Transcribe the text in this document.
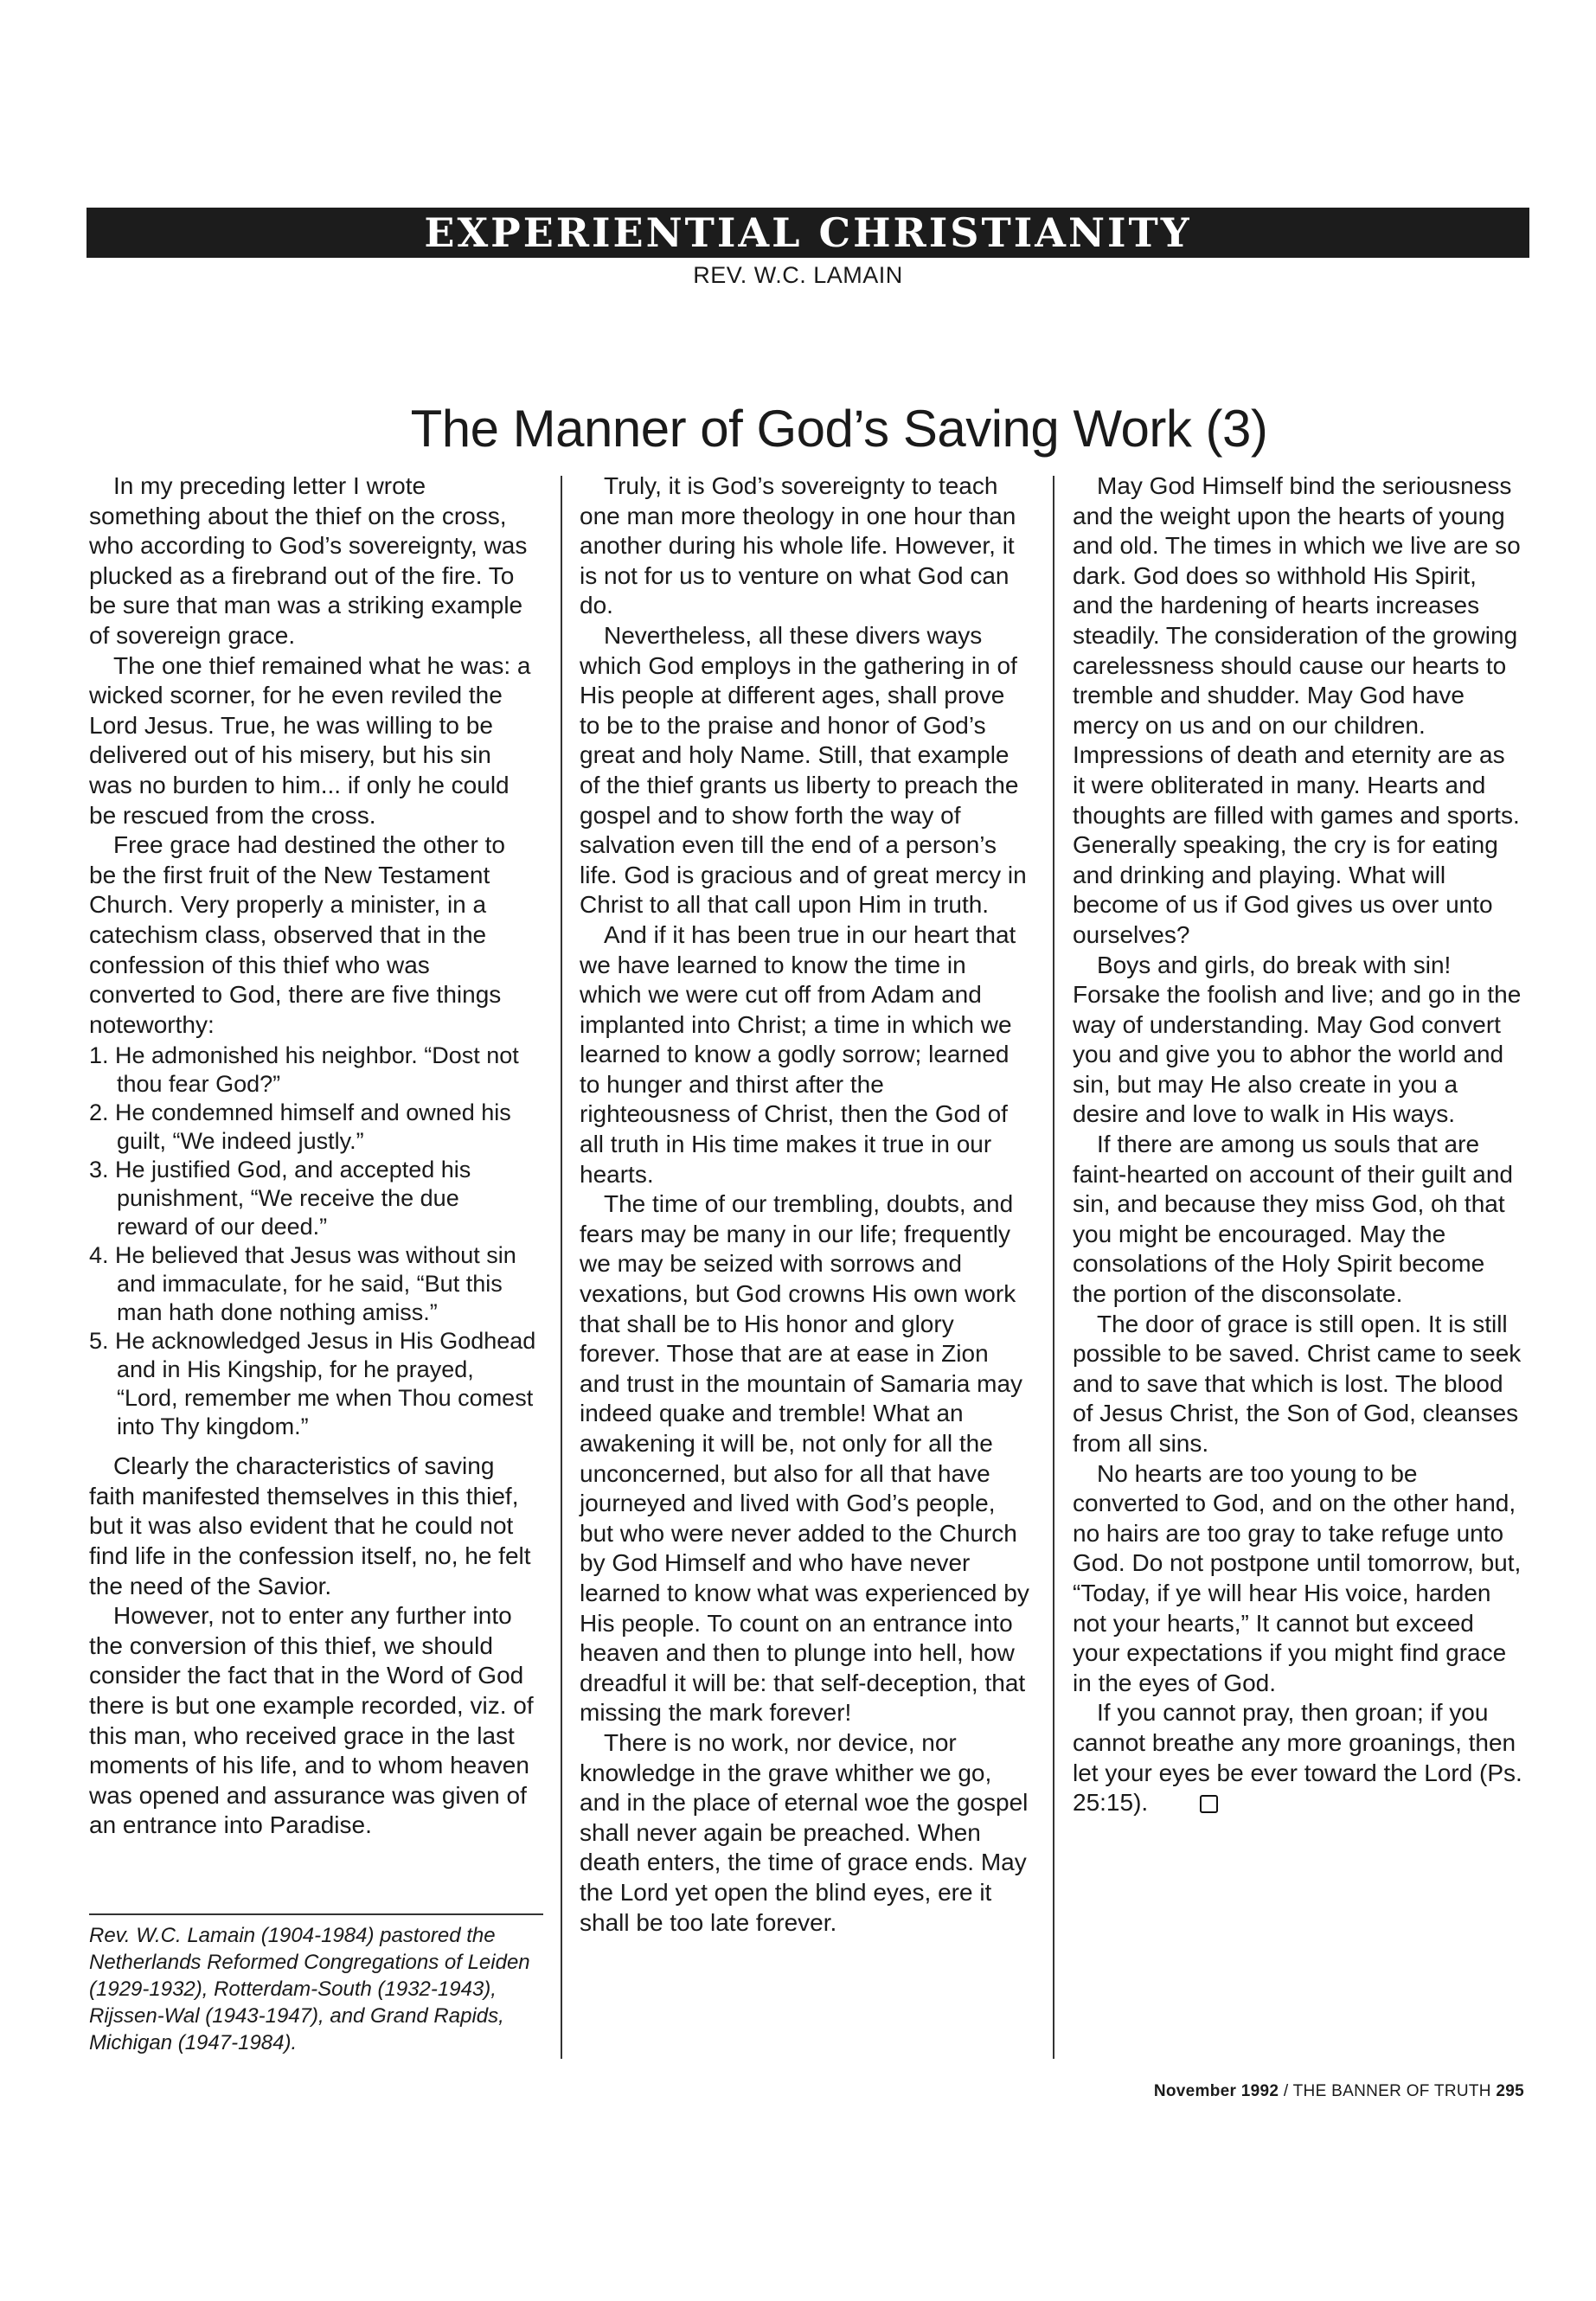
EXPERIENTIAL CHRISTIANITY
REV. W.C. LAMAIN
The Manner of God’s Saving Work (3)

In my preceding letter I wrote something about the thief on the cross, who according to God’s sovereignty, was plucked as a firebrand out of the fire. To be sure that man was a striking example of sovereign grace.

The one thief remained what he was: a wicked scorner, for he even reviled the Lord Jesus. True, he was willing to be delivered out of his misery, but his sin was no burden to him... if only he could be rescued from the cross.

Free grace had destined the other to be the first fruit of the New Testament Church. Very properly a minister, in a catechism class, observed that in the confession of this thief who was converted to God, there are five things noteworthy:

1. He admonished his neighbor. “Dost not thou fear God?”
2. He condemned himself and owned his guilt, “We indeed justly.”
3. He justified God, and accepted his punishment, “We receive the due reward of our deed.”
4. He believed that Jesus was without sin and immaculate, for he said, “But this man hath done nothing amiss.”
5. He acknowledged Jesus in His Godhead and in His Kingship, for he prayed, “Lord, remember me when Thou comest into Thy kingdom.”

Clearly the characteristics of saving faith manifested themselves in this thief, but it was also evident that he could not find life in the confession itself, no, he felt the need of the Savior.

However, not to enter any further into the conversion of this thief, we should consider the fact that in the Word of God there is but one example recorded, viz. of this man, who received grace in the last moments of his life, and to whom heaven was opened and assurance was given of an entrance into Paradise.

Rev. W.C. Lamain (1904-1984) pastored the Netherlands Reformed Congregations of Leiden (1929-1932), Rotterdam-South (1932-1943), Rijssen-Wal (1943-1947), and Grand Rapids, Michigan (1947-1984).

Truly, it is God’s sovereignty to teach one man more theology in one hour than another during his whole life. However, it is not for us to venture on what God can do.

Nevertheless, all these divers ways which God employs in the gathering in of His people at different ages, shall prove to be to the praise and honor of God’s great and holy Name. Still, that example of the thief grants us liberty to preach the gospel and to show forth the way of salvation even till the end of a person’s life. God is gracious and of great mercy in Christ to all that call upon Him in truth.

And if it has been true in our heart that we have learned to know the time in which we were cut off from Adam and implanted into Christ; a time in which we learned to know a godly sorrow; learned to hunger and thirst after the righteousness of Christ, then the God of all truth in His time makes it true in our hearts.

The time of our trembling, doubts, and fears may be many in our life; frequently we may be seized with sorrows and vexations, but God crowns His own work that shall be to His honor and glory forever. Those that are at ease in Zion and trust in the mountain of Samaria may indeed quake and tremble! What an awakening it will be, not only for all the unconcerned, but also for all that have journeyed and lived with God’s people, but who were never added to the Church by God Himself and who have never learned to know what was experienced by His people. To count on an entrance into heaven and then to plunge into hell, how dreadful it will be: that self-deception, that missing the mark forever!

There is no work, nor device, nor knowledge in the grave whither we go, and in the place of eternal woe the gospel shall never again be preached. When death enters, the time of grace ends. May the Lord yet open the blind eyes, ere it shall be too late forever.

May God Himself bind the seriousness and the weight upon the hearts of young and old. The times in which we live are so dark. God does so withhold His Spirit, and the hardening of hearts increases steadily. The consideration of the growing carelessness should cause our hearts to tremble and shudder. May God have mercy on us and on our children. Impressions of death and eternity are as it were obliterated in many. Hearts and thoughts are filled with games and sports. Generally speaking, the cry is for eating and drinking and playing. What will become of us if God gives us over unto ourselves?

Boys and girls, do break with sin! Forsake the foolish and live; and go in the way of understanding. May God convert you and give you to abhor the world and sin, but may He also create in you a desire and love to walk in His ways.

If there are among us souls that are faint-hearted on account of their guilt and sin, and because they miss God, oh that you might be encouraged. May the consolations of the Holy Spirit become the portion of the disconsolate.

The door of grace is still open. It is still possible to be saved. Christ came to seek and to save that which is lost. The blood of Jesus Christ, the Son of God, cleanses from all sins.

No hearts are too young to be converted to God, and on the other hand, no hairs are too gray to take refuge unto God. Do not postpone until tomorrow, but, “Today, if ye will hear His voice, harden not your hearts,” It cannot but exceed your expectations if you might find grace in the eyes of God.

If you cannot pray, then groan; if you cannot breathe any more groanings, then let your eyes be ever toward the Lord (Ps. 25:15).

November 1992 / THE BANNER OF TRUTH 295
